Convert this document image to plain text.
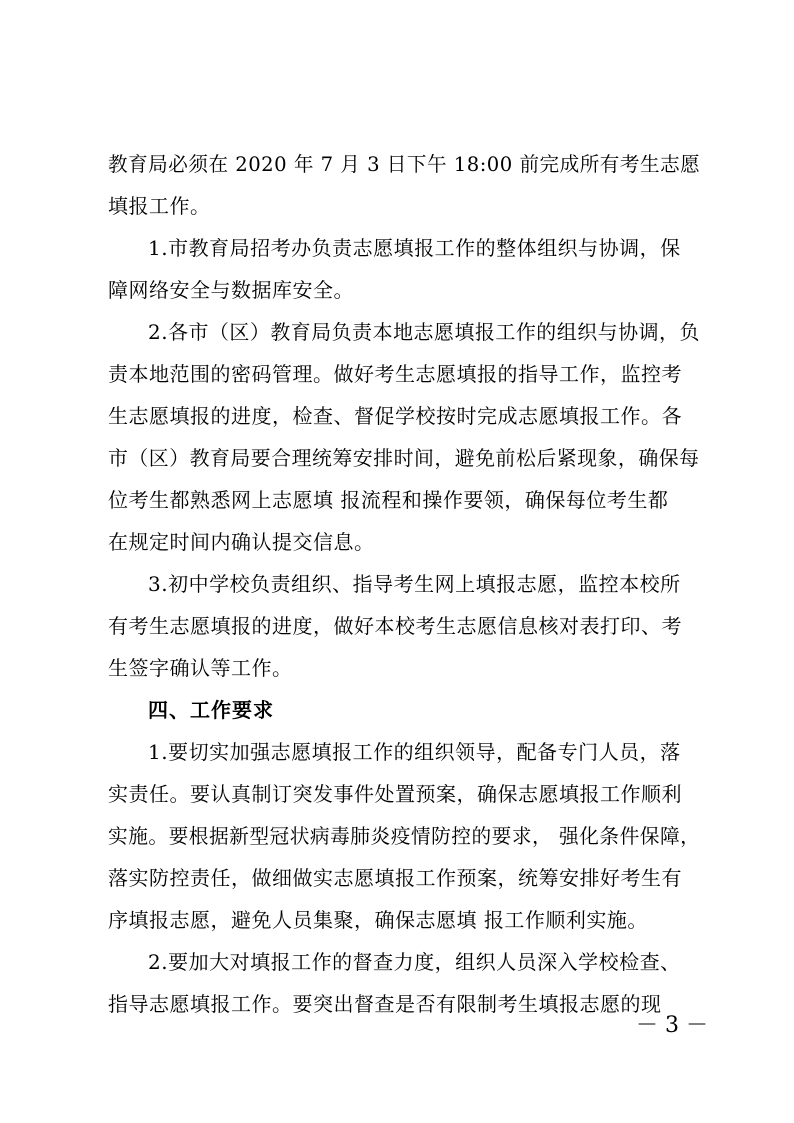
教育局必须在 2020 年 7 月 3 日下午 18:00 前完成所有考生志愿
填报工作。
1.市教育局招考办负责志愿填报工作的整体组织与协调，保
障网络安全与数据库安全。
2.各市（区）教育局负责本地志愿填报工作的组织与协调，负
责本地范围的密码管理。做好考生志愿填报的指导工作，监控考
生志愿填报的进度，检查、督促学校按时完成志愿填报工作。各
市（区）教育局要合理统筹安排时间，避免前松后紧现象，确保每
位考生都熟悉网上志愿填 报流程和操作要领，确保每位考生都
在规定时间内确认提交信息。
3.初中学校负责组织、指导考生网上填报志愿，监控本校所
有考生志愿填报的进度，做好本校考生志愿信息核对表打印、考
生签字确认等工作。
四、工作要求
1.要切实加强志愿填报工作的组织领导，配备专门人员，落
实责任。要认真制订突发事件处置预案，确保志愿填报工作顺利
实施。要根据新型冠状病毒肺炎疫情防控的要求， 强化条件保障，
落实防控责任，做细做实志愿填报工作预案，统筹安排好考生有
序填报志愿，避免人员集聚，确保志愿填 报工作顺利实施。
2.要加大对填报工作的督查力度，组织人员深入学校检查、
指导志愿填报工作。要突出督查是否有限制考生填报志愿的现
－ 3 －
